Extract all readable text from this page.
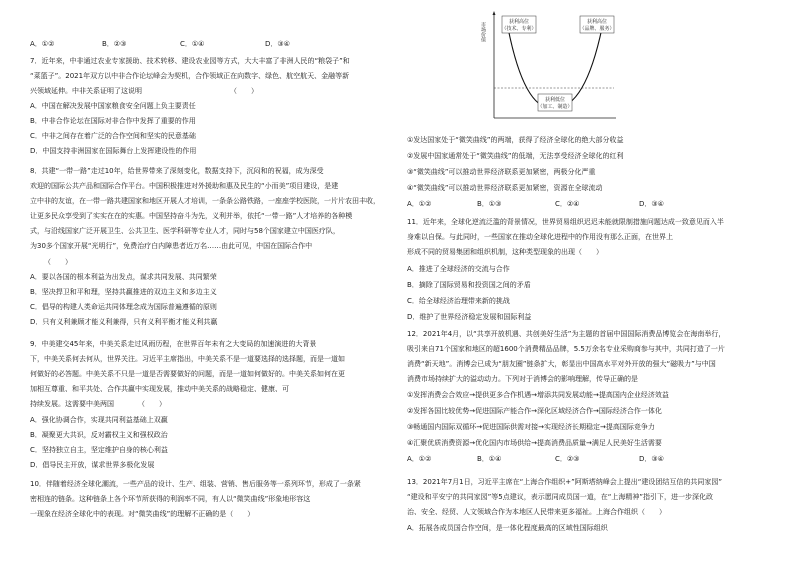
A．①②	B．②③	C．①④	D．③④
7．近年来，中非通过农业专家援助、技术转移、建设农业园等方式，大大丰富了非洲人民的“粮袋子”和
“菜篮子”。2021年双方以中非合作论坛峰会为契机，合作领域正在向数字、绿色、航空航天、金融等新
兴领域延伸。中非关系证明了这说明	（　　）
A．中国在解决发展中国家粮食安全问题上负主要责任
B．中非合作论坛在国际对非合作中发挥了重要的作用
C．中非之间存在着广泛的合作空间和坚实的民意基础
D．中国支持非洲国家在国际舞台上发挥建设性的作用
8．共建“一带一路”走过10年，给世界带来了深刻变化，数据支持下，沉闷和的祝福，成为深受
欢迎的国际公共产品和国际合作平台。中国积极推进对外援助和惠及民生的“小而美”项目建设，是建
立中非的友谊，在一带一路共建国家和地区开展人才培训，一条条公路铁路，一座座学校医院，一片片农田丰收，
让更多民众享受到了实实在在的实惠。中国坚持奋斗为先，义利并举，依托“一带一路”人才培养的各种模
式，与沿线国家广泛开展卫生、公共卫生、医学科研等专业人才，同时与58个国家建立中国医疗队，
为30多个国家开展“光明行”，免费治疗白内障患者近万名……由此可见，中国在国际合作中
（　　）
A．要以各国的根本利益为出发点，谋求共同发展、共同繁荣
B．坚决捍卫和平和理，坚持共赢推进的双边主义和多边主义
C．倡导的构建人类命运共同体理念成为国际普遍遵循的原则
D．只有义利兼顾才能义利兼得，只有义利平衡才能义利共赢
9．中美建交45年来，中美关系走过风雨历程，在世界百年未有之大变局的加速演进的大背景
下，中美关系何去何从，世界关注。习近平主席指出，中美关系不是一道要选择的选择题，而是一道如
何做好的必答题。中美关系不只是一道是否需要做好的问题，而是一道如何做好的。中美关系如何在更
加相互尊重、和平共处、合作共赢中实现发展，推动中美关系的战略稳定、健康、可
持续发展。这需要中美两国	（　　）
A．强化协调合作，实现共同利益基础上双赢
B．凝聚更大共识，反对霸权主义和强权政治
C．坚持独立自主，坚定维护自身的核心利益
D．倡导民主开放，谋求世界多极化发展
10．伴随着经济全球化潮流，一些产品的设计、生产、组装、营销、售后服务等一系列环节，形成了一条紧
密相连的链条。这种链条上各个环节所获得的利润率不同，有人以“微笑曲线”形象地形容这
一现象在经济全球化中的表现。对“微笑曲线”的理解不正确的是（　　）
市场价值	获利高位
（技术、专利）
获利高位
（品牌、服务）
获利低位
（加工、制造）
①发达国家处于“微笑曲线”的两端，获得了经济全球化的绝大部分收益
②发展中国家通常处于“微笑曲线”的低端，无法享受经济全球化的红利
③“微笑曲线”可以推动世界经济联系更加紧密，两极分化严重
④“微笑曲线”可以推动世界经济联系更加紧密，资源在全球流动
A．①②	B．①③	C．②④	D．③④
11．近年来，全球化逆流泛滥的背景情况，世界贸易组织迟迟未能就限制措施问题达成一致意见而入半
身难以自保。与此同时，一些国家在推动全球化进程中的作用没有那么正面，在世界上
形成不同的贸易集团和组织机制，这种类型现象的出现（　　）
A．推进了全球经济的交流与合作
B．摘除了国际贸易和投资国之间的矛盾
C．给全球经济治理带来新的挑战
D．维护了世界经济稳定发展和国际利益
12．2021年4月，以“共享开放机遇、共创美好生活”为主题的首届中国国际消费品博览会在海南举行，
吸引来自71个国家和地区的超1600个消费精品品牌，5.5万余名专业采购商参与其中，共同打造了一片
消费“新天地”。消博会已成为“朋友圈”链条扩大，彰显出中国高水平对外开放的强大“磁吸力”与中国
消费市场持续扩大的溢动动力。下列对于消博会的影响理解，传导正确的是
①发挥消费会合效应→提供更多合作机遇→增添共同发展动能→提高国内企业经济效益
②发挥各国比较优势→促进国际产能合作→深化区域经济合作→国际经济合作一体化
③畅通国内国际双循环→促进国际供需对接→实现经济长期稳定→提高国际竞争力
④汇聚优质消费资源→优化国内市场供给→提高消费品质量→满足人民美好生活需要
A．①②	B．①④	C．②③	D．③④
13．2021年7月1日，习近平主席在“上海合作组织+”阿斯塔纳峰会上提出“建设团结互信的共同家园”
“建设和平安宁的共同家园”等5点建议，表示愿同成员国一道，在“上海精神”指引下，进一步深化政
治、安全、经贸、人文领域合作为本地区人民带来更多福祉。上海合作组织（　　）
A．拓展各成员国合作空间，是一体化程度最高的区域性国际组织
